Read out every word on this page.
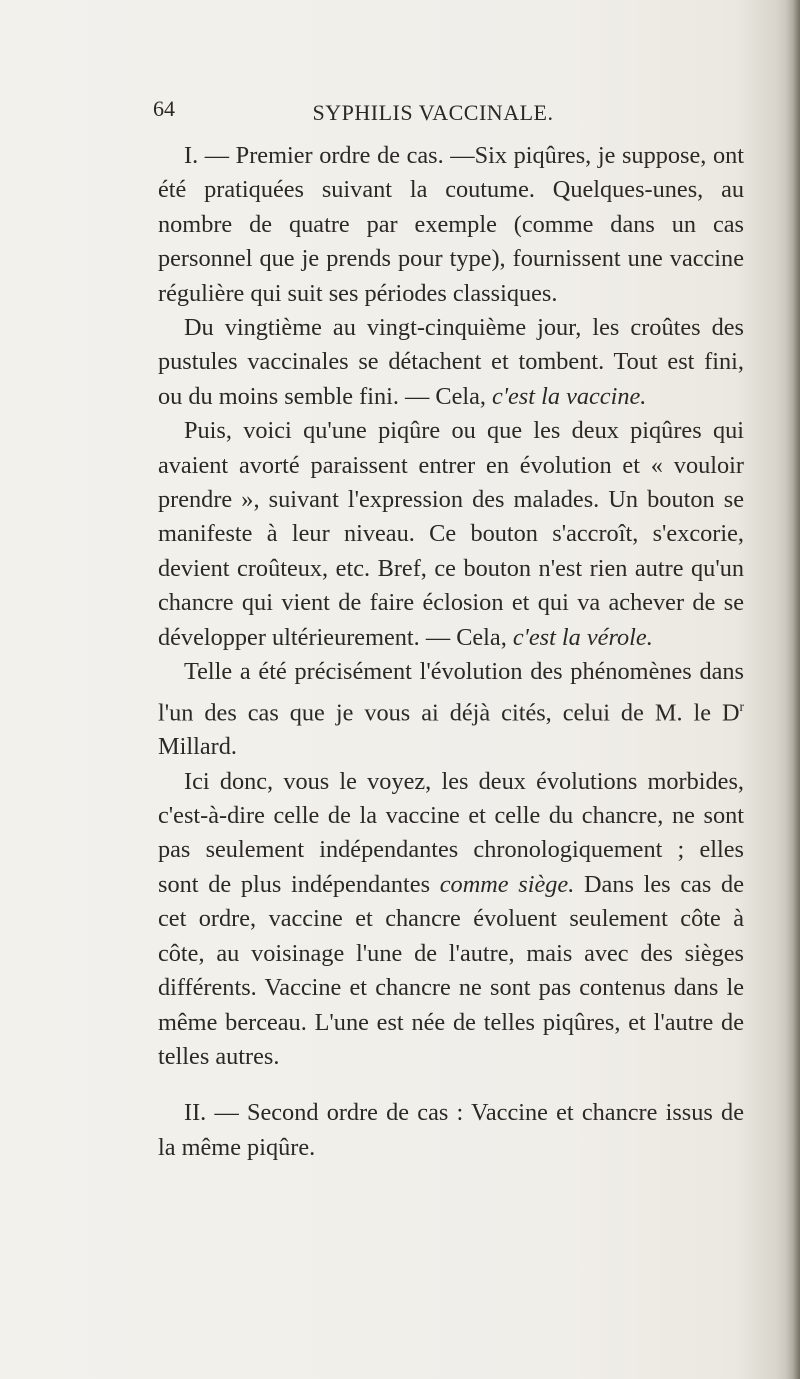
64	SYPHILIS VACCINALE.

I. — Premier ordre de cas. —Six piqûres, je suppose, ont été pratiquées suivant la coutume. Quelques-unes, au nombre de quatre par exemple (comme dans un cas personnel que je prends pour type), fournissent une vaccine régulière qui suit ses périodes classiques.

Du vingtième au vingt-cinquième jour, les croûtes des pustules vaccinales se détachent et tombent. Tout est fini, ou du moins semble fini. — Cela, c'est la vaccine.

Puis, voici qu'une piqûre ou que les deux piqûres qui avaient avorté paraissent entrer en évolution et « vouloir prendre », suivant l'expression des malades. Un bouton se manifeste à leur niveau. Ce bouton s'accroît, s'excorie, devient croûteux, etc. Bref, ce bouton n'est rien autre qu'un chancre qui vient de faire éclosion et qui va achever de se développer ultérieurement. — Cela, c'est la vérole.

Telle a été précisément l'évolution des phénomènes dans l'un des cas que je vous ai déjà cités, celui de M. le $D^r$ Millard.

Ici donc, vous le voyez, les deux évolutions morbides, c'est-à-dire celle de la vaccine et celle du chancre, ne sont pas seulement indépendantes chronologiquement ; elles sont de plus indépendantes comme siège. Dans les cas de cet ordre, vaccine et chancre évoluent seulement côte à côte, au voisinage l'une de l'autre, mais avec des sièges différents. Vaccine et chancre ne sont pas contenus dans le même berceau. L'une est née de telles piqûres, et l'autre de telles autres.

II. — Second ordre de cas : Vaccine et chancre issus de la même piqûre.
